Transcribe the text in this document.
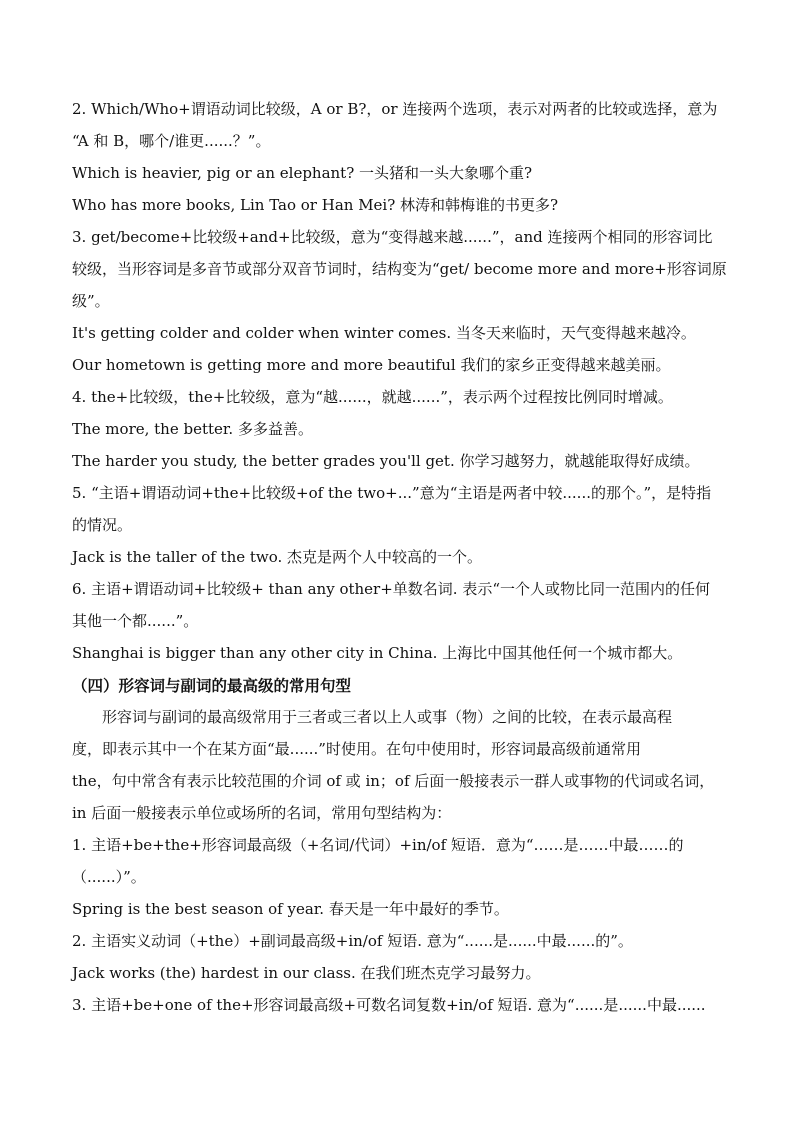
2. Which/Who+谓语动词比较级，A or B?，or 连接两个选项，表示对两者的比较或选择，意为
“A 和 B，哪个/谁更......？”。
Which is heavier, pig or an elephant? 一头猪和一头大象哪个重?
Who has more books, Lin Tao or Han Mei? 林涛和韩梅谁的书更多?
3. get/become+比较级+and+比较级，意为“变得越来越......”，and 连接两个相同的形容词比
较级，当形容词是多音节或部分双音节词时，结构变为“get/ become more and more+形容词原
级”。
It's getting colder and colder when winter comes. 当冬天来临时，天气变得越来越冷。
Our hometown is getting more and more beautiful 我们的家乡正变得越来越美丽。
4. the+比较级，the+比较级，意为“越......，就越......”，表示两个过程按比例同时增减。
The more, the better. 多多益善。
The harder you study, the better grades you'll get. 你学习越努力，就越能取得好成绩。
5. “主语+谓语动词+the+比较级+of the two+...”意为“主语是两者中较......的那个。”，是特指
的情况。
Jack is the taller of the two. 杰克是两个人中较高的一个。
6. 主语+谓语动词+比较级+ than any other+单数名词. 表示“一个人或物比同一范围内的任何
其他一个都......”。
Shanghai is bigger than any other city in China. 上海比中国其他任何一个城市都大。
（四）形容词与副词的最高级的常用句型
形容词与副词的最高级常用于三者或三者以上人或事（物）之间的比较，在表示最高程
度，即表示其中一个在某方面“最......”时使用。在句中使用时，形容词最高级前通常用
the，句中常含有表示比较范围的介词 of 或 in；of 后面一般接表示一群人或事物的代词或名词，
in 后面一般接表示单位或场所的名词，常用句型结构为：
1. 主语+be+the+形容词最高级（+名词/代词）+in/of 短语．意为“……是……中最……的
（......）”。
Spring is the best season of year. 春天是一年中最好的季节。
2. 主语实义动词（+the）+副词最高级+in/of 短语. 意为“......是......中最......的”。
Jack works (the) hardest in our class. 在我们班杰克学习最努力。
3. 主语+be+one of the+形容词最高级+可数名词复数+in/of 短语. 意为“......是......中最......
